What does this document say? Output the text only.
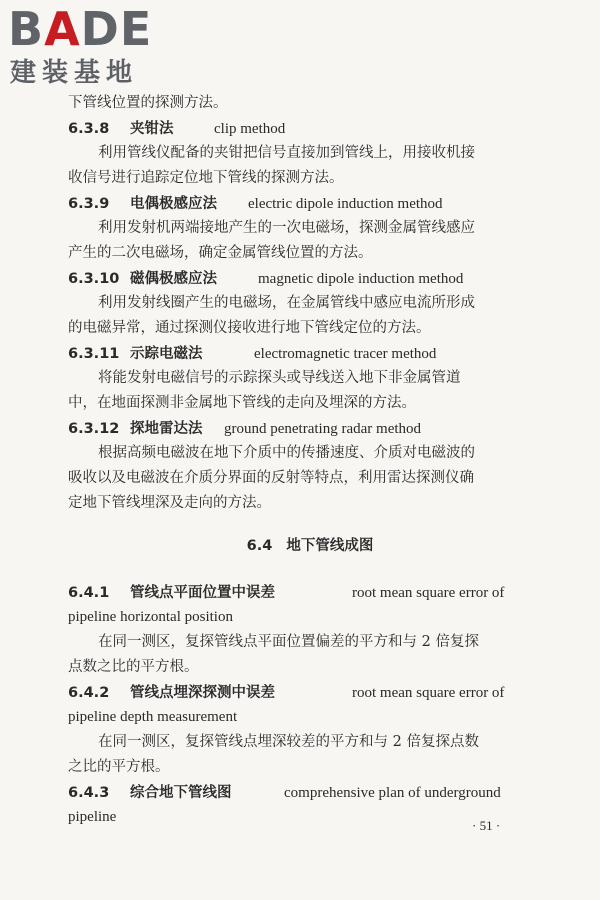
BADE
建装基地
下管线位置的探测方法。
6.3.8 夹钳法	clip method
利用管线仪配备的夹钳把信号直接加到管线上，用接收机接
收信号进行追踪定位地下管线的探测方法。
6.3.9 电偶极感应法 electric dipole induction method
利用发射机两端接地产生的一次电磁场，探测金属管线感应
产生的二次电磁场，确定金属管线位置的方法。
6.3.10 磁偶极感应法	magnetic dipole induction method
利用发射线圈产生的电磁场，在金属管线中感应电流所形成
的电磁异常，通过探测仪接收进行地下管线定位的方法。
6.3.11 示踪电磁法	electromagnetic tracer method
将能发射电磁信号的示踪探头或导线送入地下非金属管道
中，在地面探测非金属地下管线的走向及埋深的方法。
6.3.12 探地雷达法 ground penetrating radar method
根据高频电磁波在地下介质中的传播速度、介质对电磁波的
吸收以及电磁波在介质分界面的反射等特点，利用雷达探测仪确
定地下管线埋深及走向的方法。
6.4 地下管线成图
6.4.1 管线点平面位置中误差	root mean square error of
pipeline horizontal position
在同一测区，复探管线点平面位置偏差的平方和与 2 倍复探
点数之比的平方根。
6.4.2 管线点埋深探测中误差	root mean square error of
pipeline depth measurement
在同一测区，复探管线点埋深较差的平方和与 2 倍复探点数
之比的平方根。
6.4.3 综合地下管线图	comprehensive plan of underground
pipeline
· 51 ·
